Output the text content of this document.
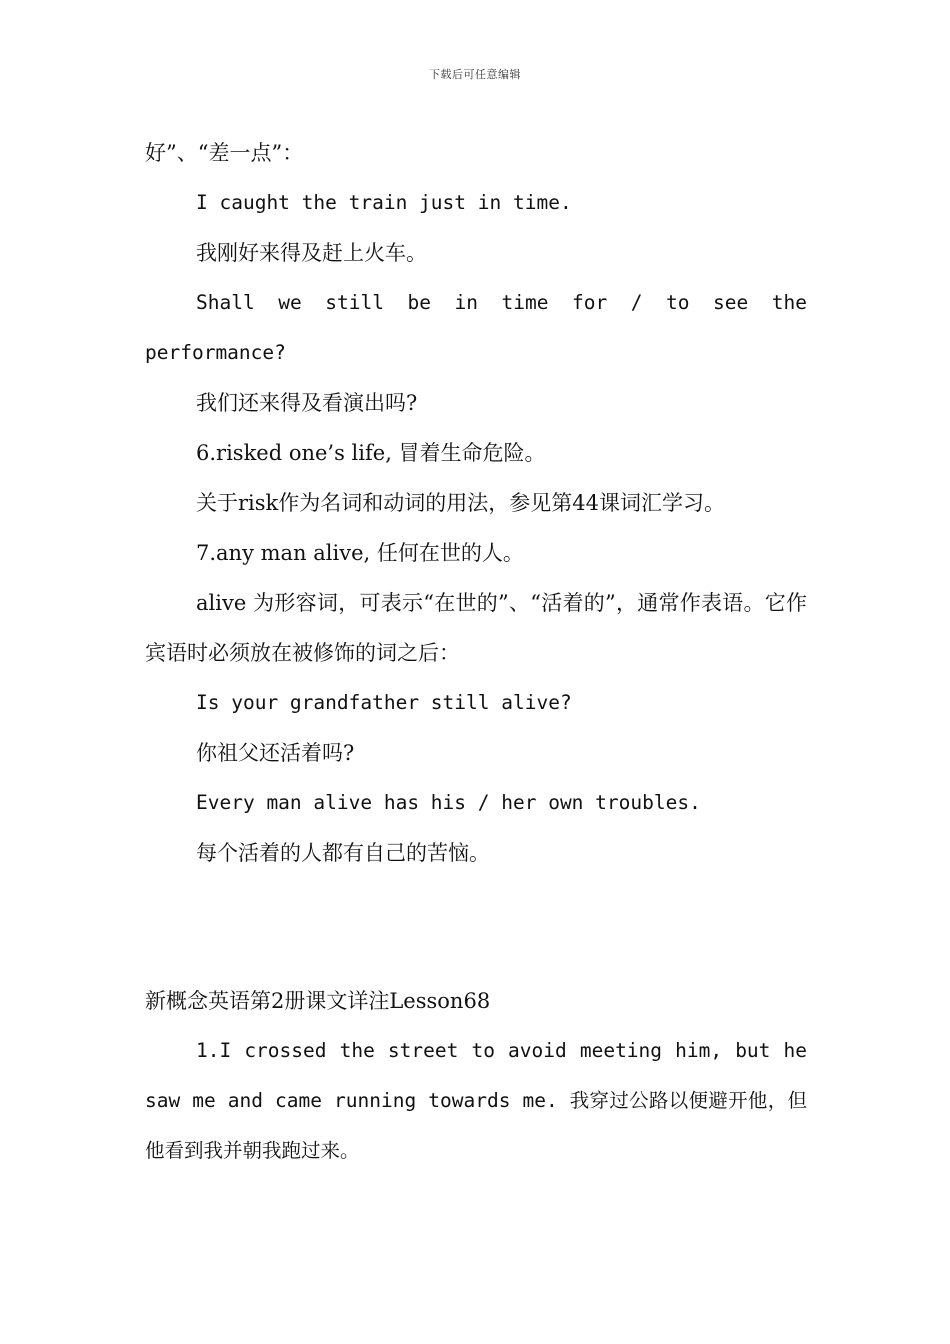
下载后可任意编辑

好”、“差一点”：

I caught the train just in time.

我刚好来得及赶上火车。

Shall we still be in time for / to see the

performance?

我们还来得及看演出吗?

6.risked one’s life, 冒着生命危险。

关于risk作为名词和动词的用法，参见第44课词汇学习。

7.any man alive, 任何在世的人。

alive 为形容词，可表示“在世的”、“活着的”，通常作表语。它作宾语时必须放在被修饰的词之后：

Is your grandfather still alive?

你祖父还活着吗?

Every man alive has his / her own troubles.

每个活着的人都有自己的苦恼。

新概念英语第2册课文详注Lesson68

1.I crossed the street to avoid meeting him, but he saw me and came running towards me. 我穿过公路以便避开他，但他看到我并朝我跑过来。
